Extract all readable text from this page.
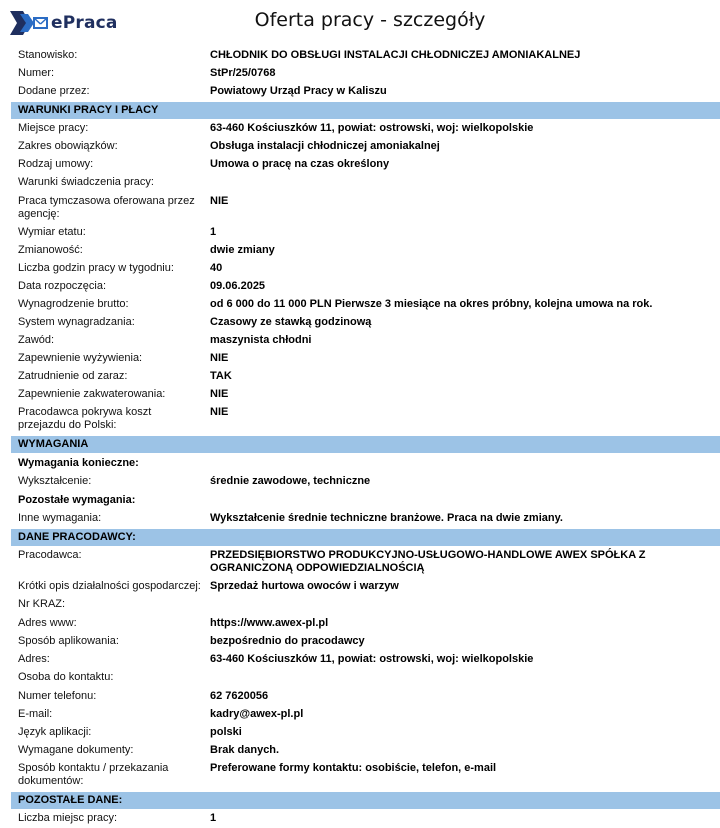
ePraca	Oferta pracy - szczegóły
Stanowisko:	CHŁODNIK DO OBSŁUGI INSTALACJI CHŁODNICZEJ AMONIAKALNEJ
Numer:	StPr/25/0768
Dodane przez:	Powiatowy Urząd Pracy w Kaliszu
WARUNKI PRACY I PŁACY
Miejsce pracy:	63-460 Kościuszków 11, powiat: ostrowski, woj: wielkopolskie
Zakres obowiązków:	Obsługa instalacji chłodniczej amoniakalnej
Rodzaj umowy:	Umowa o pracę na czas określony
Warunki świadczenia pracy:
Praca tymczasowa oferowana przez agencję:
NIE
Wymiar etatu:	1
Zmianowość:	dwie zmiany
Liczba godzin pracy w tygodniu:	40
Data rozpoczęcia:	09.06.2025
Wynagrodzenie brutto:	od 6 000 do 11 000 PLN Pierwsze 3 miesiące na okres próbny, kolejna umowa na rok.
System wynagradzania:	Czasowy ze stawką godzinową
Zawód:	maszynista chłodni
Zapewnienie wyżywienia:	NIE
Zatrudnienie od zaraz:	TAK
Zapewnienie zakwaterowania:	NIE
Pracodawca pokrywa koszt przejazdu do Polski:
NIE
WYMAGANIA
Wymagania konieczne:
Wykształcenie:	średnie zawodowe, techniczne
Pozostałe wymagania:
Inne wymagania:	Wykształcenie średnie techniczne branżowe. Praca na dwie zmiany.
DANE PRACODAWCY:
Pracodawca:	PRZEDSIĘBIORSTWO PRODUKCYJNO-USŁUGOWO-HANDLOWE AWEX SPÓŁKA Z OGRANICZONĄ ODPOWIEDZIALNOŚCIĄ
Krótki opis działalności gospodarczej: Sprzedaż hurtowa owoców i warzyw
Nr KRAZ:
Adres www:	https://www.awex-pl.pl
Sposób aplikowania:	bezpośrednio do pracodawcy
Adres:	63-460 Kościuszków 11, powiat: ostrowski, woj: wielkopolskie
Osoba do kontaktu:
Numer telefonu:	62 7620056
E-mail:	kadry@awex-pl.pl
Język aplikacji:	polski
Wymagane dokumenty:	Brak danych.
Sposób kontaktu / przekazania dokumentów:
Preferowane formy kontaktu: osobiście, telefon, e-mail
POZOSTAŁE DANE:
Liczba miejsc pracy:	1
